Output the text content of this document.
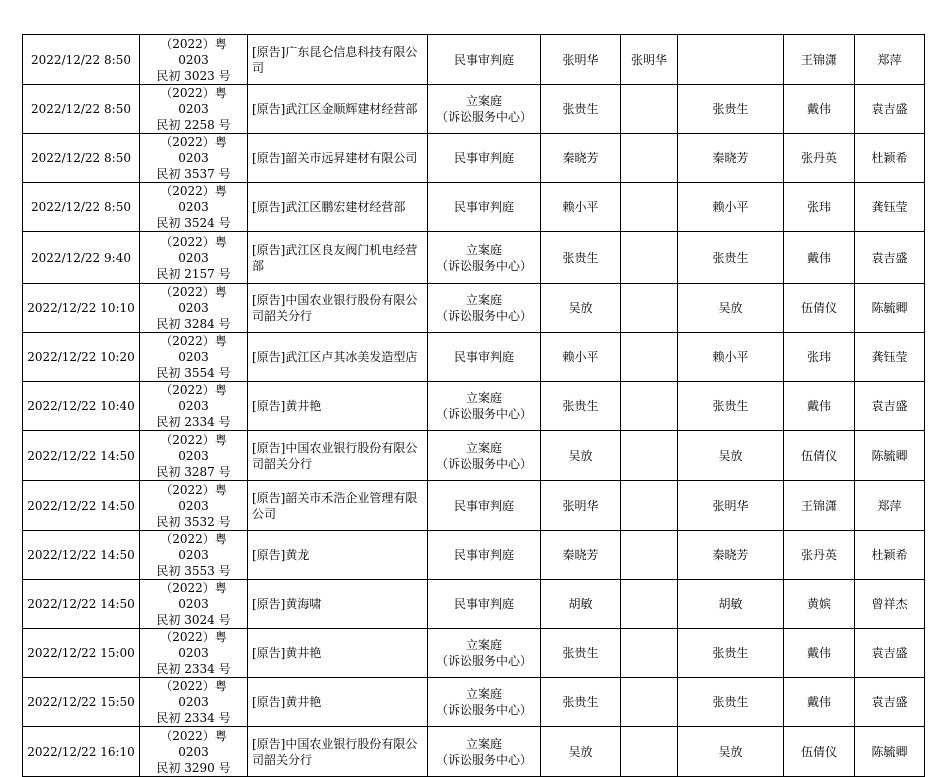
2022/12/22 8:50	（2022）粤 0203
民初 3023 号	[原告]广东昆仑信息科技有限公司	民事审判庭	张明华	张明华		王锦潇	郑萍
2022/12/22 8:50	（2022）粤 0203
民初 2258 号	[原告]武江区金顺辉建材经营部	立案庭
（诉讼服务中心）	张贵生		张贵生	戴伟	袁吉盛
2022/12/22 8:50	（2022）粤 0203
民初 3537 号	[原告]韶关市远昇建材有限公司	民事审判庭	秦晓芳		秦晓芳	张丹英	杜颖希
2022/12/22 8:50	（2022）粤 0203
民初 3524 号	[原告]武江区鹏宏建材经营部	民事审判庭	赖小平		赖小平	张玮	龚钰莹
2022/12/22 9:40	（2022）粤 0203
民初 2157 号	[原告]武江区良友阀门机电经营部	立案庭
（诉讼服务中心）	张贵生		张贵生	戴伟	袁吉盛
2022/12/22 10:10	（2022）粤 0203
民初 3284 号	[原告]中国农业银行股份有限公司韶关分行	立案庭
（诉讼服务中心）	吴放		吴放	伍倩仪	陈毓卿
2022/12/22 10:20	（2022）粤 0203
民初 3554 号	[原告]武江区卢其冰美发造型店	民事审判庭	赖小平		赖小平	张玮	龚钰莹
2022/12/22 10:40	（2022）粤 0203
民初 2334 号	[原告]黄井艳	立案庭
（诉讼服务中心）	张贵生		张贵生	戴伟	袁吉盛
2022/12/22 14:50	（2022）粤 0203
民初 3287 号	[原告]中国农业银行股份有限公司韶关分行	立案庭
（诉讼服务中心）	吴放		吴放	伍倩仪	陈毓卿
2022/12/22 14:50	（2022）粤 0203
民初 3532 号	[原告]韶关市禾浩企业管理有限公司	民事审判庭	张明华		张明华	王锦潇	郑萍
2022/12/22 14:50	（2022）粤 0203
民初 3553 号	[原告]黄龙	民事审判庭	秦晓芳		秦晓芳	张丹英	杜颖希
2022/12/22 14:50	（2022）粤 0203
民初 3024 号	[原告]黄海啸	民事审判庭	胡敏		胡敏	黄嫔	曾祥杰
2022/12/22 15:00	（2022）粤 0203
民初 2334 号	[原告]黄井艳	立案庭
（诉讼服务中心）	张贵生		张贵生	戴伟	袁吉盛
2022/12/22 15:50	（2022）粤 0203
民初 2334 号	[原告]黄井艳	立案庭
（诉讼服务中心）	张贵生		张贵生	戴伟	袁吉盛
2022/12/22 16:10	（2022）粤 0203
民初 3290 号	[原告]中国农业银行股份有限公司韶关分行	立案庭
（诉讼服务中心）	吴放		吴放	伍倩仪	陈毓卿
